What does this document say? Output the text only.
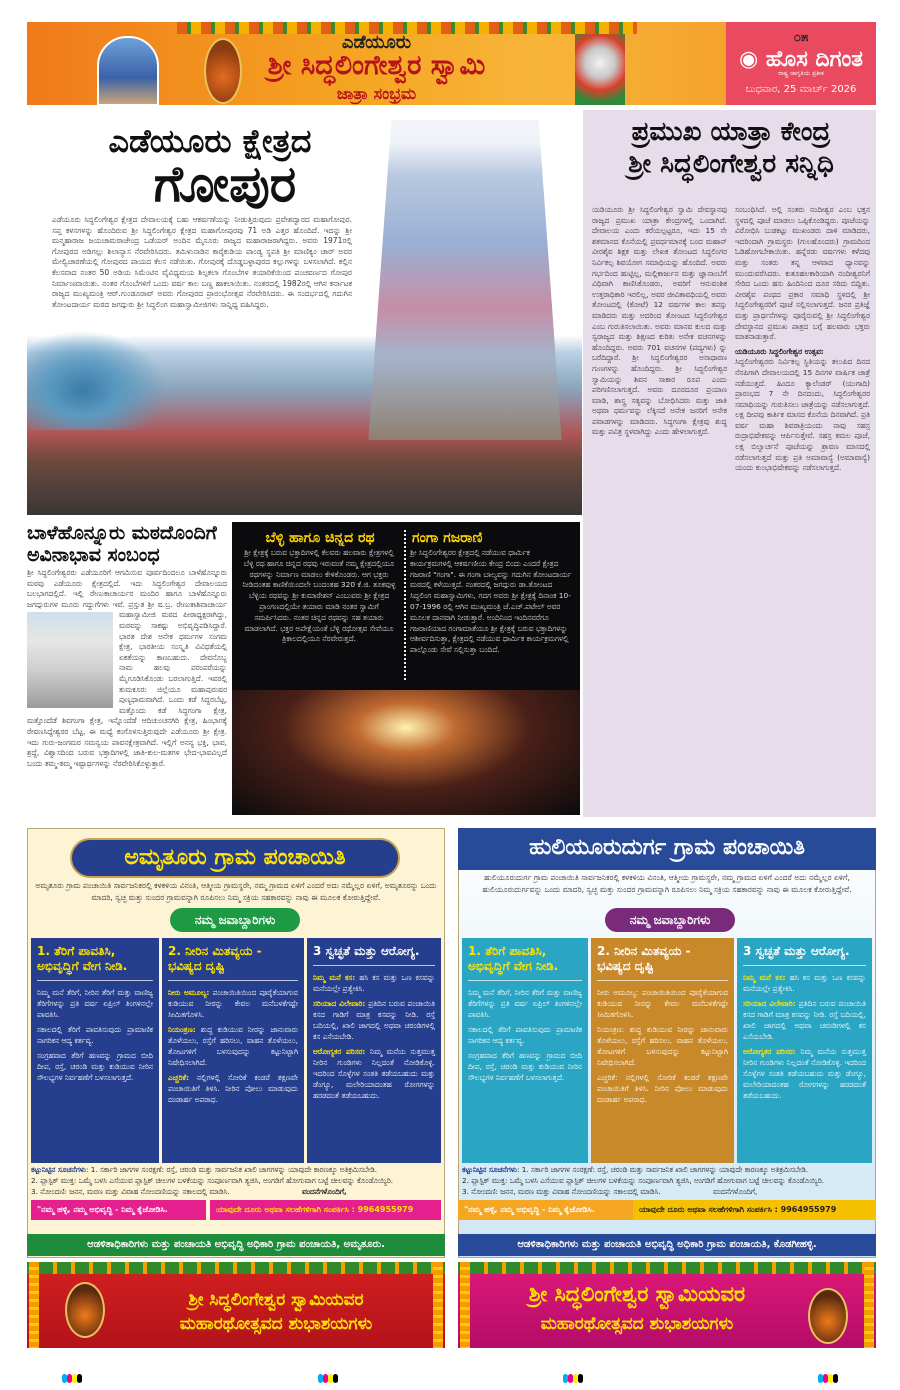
ಎಡೆಯೂರು
ಶ್ರೀ ಸಿದ್ಧಲಿಂಗೇಶ್ವರ ಸ್ವಾಮಿ
ಜಾತ್ರಾ ಸಂಭ್ರಮ
೦೫
◉ ಹೊಸ ದಿಗಂತ
ರಾಷ್ಟ್ರ ಜಾಗೃತಿಯ ಪ್ರತೀಕ
ಬುಧವಾರ, 25 ಮಾರ್ಚ್ 2026
ಎಡೆಯೂರು ಕ್ಷೇತ್ರದ
ಗೋಪುರ
ಎಡೆಯೂರು ಸಿದ್ಧಲಿಂಗೇಶ್ವರ ಕ್ಷೇತ್ರದ ದೇವಾಲಯಕ್ಕೆ ಬಹು ಆಕರ್ಷಣೆಯನ್ನು ನೀಡುತ್ತಿರುವುದು ಪ್ರವೇಶದ್ವಾರದ ಮಹಾಗೋಪುರ. ಸಪ್ತ ಕಳಸಗಳನ್ನು ಹೊಂದಿರುವ ಶ್ರೀ ಸಿದ್ಧಲಿಂಗೇಶ್ವರ ಕ್ಷೇತ್ರದ ಮಹಾಗೋಪುರವು 71 ಅಡಿ ಎತ್ತರ ಹೊಂದಿದೆ. ಇದನ್ನು ಶ್ರೀ ಮನ್ಮಹಾರಾಜ ಜಯಚಾಮರಾಜೇಂದ್ರ ಒಡೆಯರ್ ಅಂದಿನ ಮೈಸೂರು ರಾಜ್ಯದ ಮಹಾರಾಜರಾಗಿದ್ದರು. ಅವರು 1971ರಲ್ಲಿ ಗೋಪುರದ ಅಡಿಗಲ್ಲು ಶಿಲಾನ್ಯಾಸ ನೆರವೇರಿಸಿದರು. ತಮಿಳುನಾಡಿನ ಕಾರೈಕುಡಿಯ ಪಾಂಡ್ಯ ಸ್ಥಪತಿ ಶ್ರೀ ಮಾಣಿಕ್ಯಂ ಚಾರ್ ಅವರ ಮೇಲ್ವಿಚಾರಣೆಯಲ್ಲಿ ಗೋಪುರದ ಪಾಯದ ಕೆಲಸ ನಡೆಯಿತು. ಗೋಪುರಕ್ಕೆ ದೊಡ್ಡಬಳ್ಳಾಪುರದ ಕಲ್ಲುಗಳನ್ನು ಬಳಸಲಾಗಿದೆ. ಕಲ್ಲಿನ ಕೆಲಸವಾದ ನಂತರ 50 ಅಡಿಯ ಸಿಮೆಂಟಿನ ವೈವಿಧ್ಯಮಯ ಶಿಲ್ಪಕಲಾ ಗೊಂಬೆಗಳ ತಯಾರಿಕೆಯಿಂದ ಪಂಚವರ್ಣದ ಗೋಪುರ ನಿರ್ಮಾಣವಾಯಿತು. ನಂತರ ಗೊಂಬೆಗಳಿಗೆ ಒಂದು ವರ್ಷ ಕಾಲ ಬಣ್ಣ ಹಾಕಲಾಯಿತು. ನಂತರದಲ್ಲಿ 1982ರಲ್ಲಿ ಆಗಿನ ಕರ್ನಾಟಕ ರಾಜ್ಯದ ಮುಖ್ಯಮಂತ್ರಿ ಆರ್.ಗುಂಡೂರಾವ್ ಅವರು ಗೋಪುರದ ಪ್ರಾರಂಭೋತ್ಸವ ನೆರವೇರಿಸಿದರು. ಈ ಸಂದರ್ಭದಲ್ಲಿ ಗದುಗಿನ ತೋಂಟದಾರ್ಯ ಮಠದ ಜಗದ್ಗುರು ಶ್ರೀ ಸಿದ್ಧಲಿಂಗ ಮಹಾಸ್ವಾಮೀಜಿಗಳು ಸಾನ್ನಿಧ್ಯ ವಹಿಸಿದ್ದರು.
ಪ್ರಮುಖ ಯಾತ್ರಾ ಕೇಂದ್ರ
ಶ್ರೀ ಸಿದ್ಧಲಿಂಗೇಶ್ವರ ಸನ್ನಿಧಿ
ಯಡಿಯೂರು ಶ್ರೀ ಸಿದ್ಧಲಿಂಗೇಶ್ವರ ಸ್ವಾಮಿ ದೇವಸ್ಥಾನವು ರಾಜ್ಯದ ಪ್ರಮುಖ ಯಾತ್ರಾ ಕೇಂದ್ರಗಳಲ್ಲಿ ಒಂದಾಗಿದೆ. ದೇವಾಲಯ ಎಂದು ಕರೆಯಲ್ಪಟ್ಟರೂ, ಇದು 15 ನೇ ಶತಮಾನದ ಕೊನೆಯಲ್ಲಿ ಪ್ರವರ್ಧಮಾನಕ್ಕೆ ಬಂದ ಮಹಾನ್ ವೀರಶೈವ ಶಿಕ್ಷಕ ಮತ್ತು ಲೇಖಕ ತೋಂಟದ ಸಿದ್ಧಲಿಂಗರ ನಿರ್ವಿಕಲ್ಪ ಶಿವಯೋಗ ಸಮಾಧಿಯನ್ನು ಹೊಂದಿದೆ. ಅವರು ಗರ್ಭದಿಂದ ಹುಟ್ಟಿಲ್ಲ, ಮಲ್ಲಿಕಾರ್ಜುನ ಮತ್ತು ಜ್ಞಾನಾಂಬೆಗೆ ವಿಧಿವಾಗಿ ಕಾಣಿಸಿಕೊಂಡರು, ಅವರಿಗೆ ಆನುವಂಶಿಕ ಉತ್ತರಾಧಿಕಾರಿ ಇರಲಿಲ್ಲ, ಅವರ ಜೀವಿತಾವಧಿಯಲ್ಲಿ ಅವರು ತೋಂಟದಲ್ಲಿ (ಕೋಟೆ) 12 ವರ್ಷಗಳ ಕಾಲ ತಪಸ್ಸು ಮಾಡಿದರು ಮತ್ತು ಅದರಿಂದ ತೋಂಟದ ಸಿದ್ಧಲಿಂಗೇಶ್ವರ ಎಂಬ ಗುರುತಿಸಲಾಯಿತು. ಅವರು ಮಾನವ ಕುಲದ ಮತ್ತು ಸ್ವರಾಜ್ಯದ ಮತ್ತು ಶಿಕ್ಷಣದ ಕುರಿತು ಅನೇಕ ವಚನಗಳನ್ನು ಹೊಂದಿದ್ದರು. ಅವರು 701 ವಚನಗಳ (ಪದ್ಯಗಳು) ನ್ನು ಬರೆದಿದ್ದಾರೆ. ಶ್ರೀ ಸಿದ್ಧಲಿಂಗೇಶ್ವರರ ಅಸಾಧಾರಣ ಗುಣಗಳನ್ನು ಹೊಂದಿದ್ದರು. ಶ್ರೀ ಸಿದ್ಧಲಿಂಗೇಶ್ವರ ಸ್ವಾಮಿಯನ್ನು ಶಿವನ ಸಾಕಾರ ರೂಪ ಎಂದು ಪರಿಗಣಿಸಲಾಗುತ್ತದೆ. ಅವರು ದೂರದೂರ ಪ್ರಯಾಣ ಮಾಡಿ, ಶಾಸ್ತ್ರ ಸತ್ಯವನ್ನು ಬೋಧಿಸಿದರು ಮತ್ತು ಜಾತಿ ಅಥವಾ ಧರ್ಮವನ್ನು ಲೆಕ್ಕಿಸದೆ ಅನೇಕ ಜನರಿಗೆ ಅನೇಕ ಪವಾಡಗಳನ್ನು ಮಾಡಿದರು. ಸಿದ್ಧಗಂಗಾ ಕ್ಷೇತ್ರವು ಶುದ್ಧ ಮತ್ತು ಪವಿತ್ರ ಸ್ಥಳವಾಗಿದ್ದು ಎಂದು ಹೇಳಲಾಗುತ್ತದೆ.
ಸಂಬಂಧಿಸಿದೆ. ಅಲ್ಲಿ ಸಂತರು ನಂದೀಶ್ವರ ಎಂಬ ಭಕ್ತನ ಸ್ಥಳದಲ್ಲಿ ಪೂಜೆ ಮಾಡಲು ಒಪ್ಪಿಕೊಂಡಿದ್ದರು. ಪೂಜೆಯನ್ನು ವಿರೋಧಿಸಿ ಬುಡಕಟ್ಟು ಮುಖಂಡರು ದಾಳಿ ಮಾಡಿದರು, ಇದರಿಂದಾಗಿ ಗ್ರಾಮಸ್ಥರು (ಗುಲಹೊಂದರು) ಗ್ರಾಮದಿಂದ ಓಡಿಹೋಗಬೇಕಾಯಿತು. ಹನ್ನೆರಡು ವರ್ಷಗಳು ಕಳೆದವು ಮತ್ತು ಸಂತರು ತನ್ನ ಆಳವಾದ ಧ್ಯಾನವನ್ನು ಮುಂದುವರೆಸಿದರು. ಕುತೂಹಲಕಾರಿಯಾಗಿ ನಂದೀಶ್ವರನಿಗೆ ಸೇರಿದ ಒಂದು ಹಸು ಹಿಂದಿನಿಂದ ದೂರ ಸರಿದು ಬಿದ್ದಿತು. ವೀರಶೈವ ಪಂಥದ ಪ್ರಕಾರ ಸಮಾಧಿ ಸ್ಥಳದಲ್ಲಿ ಶ್ರೀ ಸಿದ್ಧಲಿಂಗೇಶ್ವರರಿಗೆ ಪೂಜೆ ಸಲ್ಲಿಸಲಾಗುತ್ತದೆ. ಜನರ ಪ್ರತಿಜ್ಞೆ ಮತ್ತು ಪ್ರಾರ್ಥನೆಗಳನ್ನು ಪೂರೈಸುವಲ್ಲಿ ಶ್ರೀ ಸಿದ್ಧಲಿಂಗೇಶ್ವರ ದೇವಸ್ಥಾನದ ಪ್ರಮುಖ ಪಾತ್ರದ ಬಗ್ಗೆ ಹಲವಾರು ಭಕ್ತರು ಮಾತನಾಡುತ್ತಾರೆ.
ಯಡಿಯೂರು ಸಿದ್ಧಲಿಂಗೇಶ್ವರ ಉತ್ಸವ:
ಸಿದ್ಧಲಿಂಗೇಶ್ವರರು ನಿರ್ವಿಕಲ್ಪ ಸ್ಥಿತಿಯನ್ನು ತಲುಪಿದ ದಿನದ ನೆನಪಿಗಾಗಿ ದೇವಾಲಯದಲ್ಲಿ 15 ದಿನಗಳ ವಾರ್ಷಿಕ ಜಾತ್ರೆ ನಡೆಯುತ್ತದೆ. ಹಿಂದೂ ಕ್ಯಾಲೆಂಡರ್ (ಯುಗಾದಿ) ಪ್ರಾರಂಭದ 7 ನೇ ದಿನದಂದು, ಸಿದ್ಧಲಿಂಗೇಶ್ವರರ ಸಮಾಧಿಯನ್ನು ಗುರುತಿಸಲು ಜಾತ್ರೆಯನ್ನು ನಡೆಸಲಾಗುತ್ತದೆ. ಲಕ್ಷ ದೀಪವು ಕಾರ್ತಿಕ ಮಾಸದ ಕೊನೆಯ ದಿನವಾಗಿದೆ. ಪ್ರತಿ ವರ್ಷ ಮಹಾ ಶಿವರಾತ್ರಿಯಂದು ನಾವು ಸಹಸ್ರ ರುದ್ರಾಭಿಷೇಕವನ್ನು ಆರ್ಪಿಸುತ್ತೇವೆ. ಸಹಸ್ರ ಕಮಲ ಪೂಜೆ, ಲಕ್ಷ ಬಿಲ್ವಾರ್ಚನೆ ಪೂಜೆಯನ್ನು ಶ್ರಾವಣ ಮಾಸದಲ್ಲಿ ನಡೆಸಲಾಗುತ್ತದೆ ಮತ್ತು ಪ್ರತಿ ಅಮಾವಾಸ್ಯೆ (ಅಮಾವಾಸ್ಯೆ) ಯಂದು ಕುಂಭಾಭಿಷೇಕವನ್ನು ನಡೆಸಲಾಗುತ್ತದೆ.
ಬಾಳೆಹೊನ್ನೂರು ಮಠದೊಂದಿಗೆ
ಅವಿನಾಭಾವ ಸಂಬಂಧ
ಶ್ರೀ ಸಿದ್ಧಲಿಂಗೇಶ್ವರರು ಎಡೆಯೂರಿಗೆ ಆಗಮಿಸುವ ಪೂರ್ವದಿಂದಲೂ ಬಾಳೆಹೊನ್ನೂರು ಮಠವು ಎಡೆಯೂರು ಕ್ಷೇತ್ರದಲ್ಲಿದೆ. ಇದು ಸಿದ್ಧಲಿಂಗೇಶ್ವರ ದೇವಾಲಯದ ಬಲಭಾಗದಲ್ಲಿದೆ. ಇಲ್ಲಿ ರೇಣುಕಾಚಾರ್ಯರ ಮಂದಿರ ಹಾಗೂ ಬಾಳೆಹೊನ್ನೂರು ಜಗದ್ಗುರುಗಳ ಮೂರು ಗದ್ದುಗೆಗಳು ಇವೆ. ಪ್ರಸ್ತುತ ಶ್ರೀ ಷ.ಬ್ರ. ರೇಣುಕಾಶಿವಾಚಾರ್ಯ ಮಹಾಸ್ವಾಮೀಜಿ ಮಠದ ಪೀಠಾಧ್ಯಕ್ಷರಾಗಿದ್ದು, ಮಠವನ್ನು ಸಾಕಷ್ಟು ಅಭಿವೃದ್ಧಿಪಡಿಸಿದ್ದಾರೆ. ಭಾರತ ದೇಶ ಅನೇಕ ಧರ್ಮಗಳ ಸಂಗಮ ಕ್ಷೇತ್ರ, ಭಾರತೀಯ ಸಂಸ್ಕೃತಿ ವಿವಿಧತೆಯಲ್ಲಿ ಏಕತೆಯನ್ನು ಕಾಣಬಹುದು. ದೇವನೊಬ್ಬ ನಾಮ ಹಲವು ಪರಂಪರೆಯನ್ನು ಮೈಗೂಡಿಸಿಕೊಂಡು ಬರಲಾಗುತ್ತಿದೆ. ಇವರಲ್ಲಿ ತುಮಕೂರು ಜಿಲ್ಲೆಯೂ ಮಹಾಪುರುಷರ ಪುಣ್ಯಧಾಮವಾಗಿದೆ. ಒಂದು ಕಡೆ ಸಿದ್ಧರಬೆಟ್ಟ, ಮತ್ತೊಂದು ಕಡೆ ಸಿದ್ಧಗಂಗಾ ಕ್ಷೇತ್ರ, ಮತ್ತೊಂದೆಡೆ ಶಿವಗಂಗಾ ಕ್ಷೇತ್ರ, ಇನ್ನೊಂದೆಡೆ ಆದಿಚುಂಚನಗಿರಿ ಕ್ಷೇತ್ರ, ಹಿಂಭಾಗಕ್ಕೆ ರೇವಣಸಿದ್ದೇಶ್ವರರ ಬೆಟ್ಟ, ಈ ಮಧ್ಯೆ ಕಂಗೊಳಿಸುತ್ತಿರುವುದೇ ಎಡೆಯೂರು ಶ್ರೀ ಕ್ಷೇತ್ರ. ಇದು ಗುರು-ಜಂಗಮರ ಸಮನ್ವಯ ಪಾವನಕ್ಷೇತ್ರವಾಗಿದೆ. ಇಲ್ಲಿಗೆ ಅನನ್ಯ ಭಕ್ತಿ, ಭಾವ, ಶ್ರದ್ಧೆ, ವಿಶ್ವಾಸದಿಂದ ಬರುವ ಭಕ್ತಾದಿಗಳಲ್ಲಿ ಜಾತಿ-ಕುಲ-ಮತಗಳ ಭೇದ-ಭಾವವಿಲ್ಲದೆ ಬಂದು ತಮ್ಮ-ತಮ್ಮ ಇಷ್ಟಾರ್ಥಗಳನ್ನು ನೆರವೇರಿಸಿಕೊಳ್ಳುತ್ತಾರೆ.
ಬೆಳ್ಳಿ ಹಾಗೂ ಚಿನ್ನದ ರಥ
ಶ್ರೀ ಕ್ಷೇತ್ರಕ್ಕೆ ಬರುವ ಭಕ್ತಾದಿಗಳಲ್ಲಿ ಕೆಲವರು ಹಲವಾರು ಕ್ಷೇತ್ರಗಳಲ್ಲಿ ಬೆಳ್ಳಿ ರಥ ಹಾಗೂ ಚಿನ್ನದ ರಥವು ಇರುವಂತೆ ನಮ್ಮ ಕ್ಷೇತ್ರದಲ್ಲಿಯೂ ರಥಗಳನ್ನು ನಿರ್ಮಾಣ ಮಾಡಲು ಕೇಳಿಕೊಂಡರು. ಆಗ ಭಕ್ತರು ನೀಡಿದಂತಹ ಕಾಣಿಕೆಯಿಂದಲೇ ಬಂದಂತಹ 320 ಕೆ.ಜಿ. ತೂಕವುಳ್ಳ ಬೆಳ್ಳಿಯ ರಥವನ್ನು ಶ್ರೀ ಕುಮಾರೇಶನ್ ಎಂಬುವರು ಶ್ರೀ ಕ್ಷೇತ್ರದ ಪ್ರಾಂಗಣದಲ್ಲಿಯೇ ತಯಾರು ಮಾಡಿ ನಂತರ ಸ್ವಾಮಿಗೆ ಸಮರ್ಪಿಸಿದರು. ನಂತರ ಚಿನ್ನದ ರಥವನ್ನು ಸಹ ತಯಾರು ಮಾಡಲಾಗಿದೆ. ಭಕ್ತರ ಅಪೇಕ್ಷೆಯಂತೆ ಬೆಳ್ಳಿ ರಥೋತ್ಸವ ಸೇವೆಯೂ ತ್ರಿಕಾಲದಲ್ಲಿಯೂ ನೆರವೇರುತ್ತದೆ.
ಗಂಗಾ ಗಜರಾಣಿ
ಶ್ರೀ ಸಿದ್ಧಲಿಂಗೇಶ್ವರರ ಕ್ಷೇತ್ರದಲ್ಲಿ ನಡೆಯುವ ಧಾರ್ಮಿಕ ಕಾರ್ಯಕ್ರಮಗಳಲ್ಲಿ ಆಕರ್ಷಣೀಯ ಕೇಂದ್ರ ಬಿಂದು ಎಂದರೆ ಕ್ಷೇತ್ರದ ಗಜರಾಣಿ "ಗಂಗಾ". ಈ ಗಂಗಾ ಬಾಲ್ಯವನ್ನು ಗದುಗಿನ ತೋಂಟದಾರ್ಯ ಮಠದಲ್ಲಿ ಕಳೆಯುತ್ತದೆ. ನಂತರದಲ್ಲಿ ಜಗದ್ಗುರು ಡಾ.ತೋಂಟದ ಸಿದ್ಧಲಿಂಗ ಮಹಾಸ್ವಾಮಿಗಳು, ಗದಗ ಅವರು ಶ್ರೀ ಕ್ಷೇತ್ರಕ್ಕೆ ದಿನಾಂಕ 10-07-1996 ರಲ್ಲಿ ಆಗಿನ ಮುಖ್ಯಮಂತ್ರಿ ಜೆ.ಎಚ್.ಪಟೇಲ್ ಅವರ ಮೂಲಕ ದಾನವಾಗಿ ನೀಡುತ್ತಾರೆ. ಅಂದಿನಿಂದ ಇಂದಿನವರೆಗೂ ಗಜರಾಣಿಯಾದ ಗಂಗಾಮಾತೆಯೂ ಶ್ರೀ ಕ್ಷೇತ್ರಕ್ಕೆ ಬರುವ ಭಕ್ತಾದಿಗಳನ್ನು ಆಶೀರ್ವದಿಸುತ್ತಾ, ಕ್ಷೇತ್ರದಲ್ಲಿ ನಡೆಯುವ ಧಾರ್ಮಿಕ ಕಾರ್ಯಕ್ರಮಗಳಲ್ಲಿ ಪಾಲ್ಗೊಂಡು ಸೇವೆ ಸಲ್ಲಿಸುತ್ತಾ ಬಂದಿದೆ.
ಅಮೃತೂರು ಗ್ರಾಮ ಪಂಚಾಯಿತಿ
ಅಮೃತೂರು ಗ್ರಾಮ ಪಂಚಾಯಿತಿ ಸಾರ್ವಜನಿಕರಲ್ಲಿ ಕಳಕಳಿಯ ವಿನಂತಿ, ಆತ್ಮೀಯ ಗ್ರಾಮಸ್ಥರೇ, ನಮ್ಮ ಗ್ರಾಮದ ಏಳಿಗೆ ಎಂದರೆ ಅದು ನಮ್ಮೆಲ್ಲರ ಏಳಿಗೆ, ಅಮೃತೂರನ್ನು ಒಂದು ಮಾದರಿ, ಸ್ವಚ್ಛ ಮತ್ತು ಸುಂದರ ಗ್ರಾಮವನ್ನಾಗಿ ರೂಪಿಸಲು ನಿಮ್ಮ ಸಕ್ರಿಯ ಸಹಕಾರವನ್ನು ನಾವು ಈ ಮೂಲಕ ಕೋರುತ್ತಿದ್ದೇವೆ.
ನಮ್ಮ ಜವಾಬ್ದಾರಿಗಳು
1. ತೆರಿಗೆ ಪಾವತಿಸಿ, ಅಭಿವೃದ್ಧಿಗೆ ವೇಗ ನೀಡಿ.

ನಿಮ್ಮ ಮನೆ ತೆರಿಗೆ, ನೀರಿನ ತೆರಿಗೆ ಮತ್ತು ವಾಣಿಜ್ಯ ತೆರಿಗೆಗಳನ್ನು ಪ್ರತಿ ವರ್ಷ ಏಪ್ರಿಲ್ ತಿಂಗಳಿನಲ್ಲೇ ಪಾವತಿಸಿ.

ಸಕಾಲದಲ್ಲಿ ತೆರಿಗೆ ಪಾವತಿಸುವುದು ಪ್ರಾಮಾಣಿಕ ನಾಗರಿಕನ ಆದ್ಯ ಕರ್ತವ್ಯ.

ಸಂಗ್ರಹವಾದ ತೆರಿಗೆ ಹಣವನ್ನು ಗ್ರಾಮದ ಬೀದಿ ದೀಪ, ರಸ್ತೆ, ಚರಂಡಿ ಮತ್ತು ಕುಡಿಯುವ ನೀರಿನ ಸೌಲಭ್ಯಗಳ ನಿರ್ವಹಣೆಗೆ ಬಳಸಲಾಗುತ್ತದೆ.

2. ನೀರಿನ ಮಿತವ್ಯಯ - ಭವಿಷ್ಯದ ದೃಷ್ಟಿ

ನೀರು ಅಮೂಲ್ಯ: ಪಂಚಾಯಿತಿಯಿಂದ ಪೂರೈಕೆಯಾಗುವ ಕುಡಿಯುವ ನೀರನ್ನು ಕೇವಲ ಮನೆಬಳಕೆಗಷ್ಟೇ ಸೀಮಿತಗೊಳಿಸಿ.

ನಿಯಂತ್ರಣ: ಶುದ್ಧ ಕುಡಿಯುವ ನೀರನ್ನು ಜಾನುವಾರು ತೊಳೆಯಲು, ರಸ್ತೆಗೆ ಹರಿಸಲು, ವಾಹನ ತೊಳೆಯಲು, ತೋಟಗಳಿಗೆ ಬಳಸುವುದನ್ನು ಕಟ್ಟುನಿಟ್ಟಾಗಿ ನಿಷೇಧಿಸಲಾಗಿದೆ.

ಎಚ್ಚರಿಕೆ: ನಲ್ಲಿಗಳಲ್ಲಿ ಸೋರಿಕೆ ಕಂಡರೆ ತಕ್ಷಣವೇ ಪಂಚಾಯಿತಿಗೆ ತಿಳಿಸಿ. ನೀರಿನ ಪೋಲು ಮಾಡುವುದು ದಂಡಾರ್ಹ ಅಪರಾಧ.

3 ಸ್ವಚ್ಛತೆ ಮತ್ತು ಆರೋಗ್ಯ.

ನಿಮ್ಮ ಮನೆ ಕಸ: ಹಸಿ ಕಸ ಮತ್ತು ಒಣ ಕಸವನ್ನು ಮನೆಯಲ್ಲೇ ಪ್ರತ್ಯೇಕಿಸಿ.

ಸರಿಯಾದ ವಿಲೇವಾರಿ: ಪ್ರತಿದಿನ ಬರುವ ಪಂಚಾಯಿತಿ ಕಸದ ಗಾಡಿಗೆ ಮಾತ್ರ ಕಸವನ್ನು ನೀಡಿ. ರಸ್ತೆ ಬದಿಯಲ್ಲಿ, ಖಾಲಿ ಜಾಗದಲ್ಲಿ ಅಥವಾ ಚರಂಡಿಗಳಲ್ಲಿ ಕಸ ಎಸೆಯಬೇಡಿ.

ಆರೋಗ್ಯಕರ ಪರಿಸರ: ನಿಮ್ಮ ಮನೆಯ ಸುತ್ತಮುತ್ತ ನೀರಿನ ಗುಂಡಿಗಳು ನಿಲ್ಲದಂತೆ ನೋಡಿಕೊಳ್ಳಿ. ಇದರಿಂದ ಸೊಳ್ಳೆಗಳ ಸಂತತಿ ತಡೆಯಬಹುದು ಮತ್ತು ಡೆಂಗ್ಯೂ, ಮಲೇರಿಯಾದಂತಹ ರೋಗಗಳನ್ನು ಹರಡದಂತೆ ತಡೆಯಬಹುದು.

ಕಟ್ಟುನಿಟ್ಟಿನ ಸೂಚನೆಗಳು: 1. ಸರ್ಕಾರಿ ಜಾಗಗಳ ಸಂರಕ್ಷಣೆ: ರಸ್ತೆ, ಚರಂಡಿ ಮತ್ತು ಸಾರ್ವಜನಿಕ ಖಾಲಿ ಜಾಗಗಳನ್ನು ಯಾವುದೇ ಕಾರಣಕ್ಕೂ ಅತಿಕ್ರಮಿಸಬೇಡಿ.
2. ಪ್ಲಾಸ್ಟಿಕ್ ಮುಕ್ತ: ಒಮ್ಮೆ ಬಳಸಿ ಎಸೆಯುವ ಪ್ಲಾಸ್ಟಿಕ್ ಚೀಲಗಳ ಬಳಕೆಯನ್ನು ಸಂಪೂರ್ಣವಾಗಿ ತ್ಯಜಿಸಿ, ಅಂಗಡಿಗೆ ಹೋಗುವಾಗ ಬಟ್ಟೆ ಚೀಲವನ್ನು ಕೊಂಡೊಯ್ಯಿರಿ.
3. ನೋಂದಣಿ: ಜನನ, ಮರಣ ಮತ್ತು ವಿವಾಹ ನೋಂದಣಿಯನ್ನು ಸಕಾಲದಲ್ಲಿ ಮಾಡಿಸಿ.	ವಂದನೆಗಳೊಂದಿಗೆ,
"ನಮ್ಮ ಹಳ್ಳಿ, ನಮ್ಮ ಅಭಿವೃದ್ಧಿ - ನಿಮ್ಮ ಕೈಜೋಡಿಸಿ.	ಯಾವುದೇ ದೂರು ಅಥವಾ ಸಲಹೆಗಳಿಗಾಗಿ ಸಂಪರ್ಕಿಸಿ : 9964955979
ಆಡಳಿತಾಧಿಕಾರಿಗಳು ಮತ್ತು ಪಂಚಾಯತಿ ಅಭಿವೃದ್ಧಿ ಅಧಿಕಾರಿ ಗ್ರಾಮ ಪಂಚಾಯತಿ, ಅಮೃತೂರು.
ಹುಲಿಯೂರುದುರ್ಗ ಗ್ರಾಮ ಪಂಚಾಯಿತಿ
ಹುಲಿಯೂರುದುರ್ಗ ಗ್ರಾಮ ಪಂಚಾಯಿತಿ ಸಾರ್ವಜನಿಕರಲ್ಲಿ ಕಳಕಳಿಯ ವಿನಂತಿ, ಆತ್ಮೀಯ ಗ್ರಾಮಸ್ಥರೇ, ನಮ್ಮ ಗ್ರಾಮದ ಏಳಿಗೆ ಎಂದರೆ ಅದು ನಮ್ಮೆಲ್ಲರ ಏಳಿಗೆ, ಹುಲಿಯೂರುದುರ್ಗವನ್ನು ಒಂದು ಮಾದರಿ, ಸ್ವಚ್ಛ ಮತ್ತು ಸುಂದರ ಗ್ರಾಮವನ್ನಾಗಿ ರೂಪಿಸಲು ನಿಮ್ಮ ಸಕ್ರಿಯ ಸಹಕಾರವನ್ನು ನಾವು ಈ ಮೂಲಕ ಕೋರುತ್ತಿದ್ದೇವೆ.
ನಮ್ಮ ಜವಾಬ್ದಾರಿಗಳು
1. ತೆರಿಗೆ ಪಾವತಿಸಿ, ಅಭಿವೃದ್ಧಿಗೆ ವೇಗ ನೀಡಿ.

ನಿಮ್ಮ ಮನೆ ತೆರಿಗೆ, ನೀರಿನ ತೆರಿಗೆ ಮತ್ತು ವಾಣಿಜ್ಯ ತೆರಿಗೆಗಳನ್ನು ಪ್ರತಿ ವರ್ಷ ಏಪ್ರಿಲ್ ತಿಂಗಳಿನಲ್ಲೇ ಪಾವತಿಸಿ.

ಸಕಾಲದಲ್ಲಿ ತೆರಿಗೆ ಪಾವತಿಸುವುದು ಪ್ರಾಮಾಣಿಕ ನಾಗರಿಕನ ಆದ್ಯ ಕರ್ತವ್ಯ.

ಸಂಗ್ರಹವಾದ ತೆರಿಗೆ ಹಣವನ್ನು ಗ್ರಾಮದ ಬೀದಿ ದೀಪ, ರಸ್ತೆ, ಚರಂಡಿ ಮತ್ತು ಕುಡಿಯುವ ನೀರಿನ ಸೌಲಭ್ಯಗಳ ನಿರ್ವಹಣೆಗೆ ಬಳಸಲಾಗುತ್ತದೆ.

2. ನೀರಿನ ಮಿತವ್ಯಯ - ಭವಿಷ್ಯದ ದೃಷ್ಟಿ

ನೀರು ಅಮೂಲ್ಯ: ಪಂಚಾಯಿತಿಯಿಂದ ಪೂರೈಕೆಯಾಗುವ ಕುಡಿಯುವ ನೀರನ್ನು ಕೇವಲ ಮನೆಬಳಕೆಗಷ್ಟೇ ಸೀಮಿತಗೊಳಿಸಿ.

ನಿಯಂತ್ರಣ: ಶುದ್ಧ ಕುಡಿಯುವ ನೀರನ್ನು ಜಾನುವಾರು ತೊಳೆಯಲು, ರಸ್ತೆಗೆ ಹರಿಸಲು, ವಾಹನ ತೊಳೆಯಲು, ತೋಟಗಳಿಗೆ ಬಳಸುವುದನ್ನು ಕಟ್ಟುನಿಟ್ಟಾಗಿ ನಿಷೇಧಿಸಲಾಗಿದೆ.

ಎಚ್ಚರಿಕೆ: ನಲ್ಲಿಗಳಲ್ಲಿ ಸೋರಿಕೆ ಕಂಡರೆ ತಕ್ಷಣವೇ ಪಂಚಾಯಿತಿಗೆ ತಿಳಿಸಿ. ನೀರಿನ ಪೋಲು ಮಾಡುವುದು ದಂಡಾರ್ಹ ಅಪರಾಧ.

3 ಸ್ವಚ್ಛತೆ ಮತ್ತು ಆರೋಗ್ಯ.

ನಿಮ್ಮ ಮನೆ ಕಸ: ಹಸಿ ಕಸ ಮತ್ತು ಒಣ ಕಸವನ್ನು ಮನೆಯಲ್ಲೇ ಪ್ರತ್ಯೇಕಿಸಿ.

ಸರಿಯಾದ ವಿಲೇವಾರಿ: ಪ್ರತಿದಿನ ಬರುವ ಪಂಚಾಯಿತಿ ಕಸದ ಗಾಡಿಗೆ ಮಾತ್ರ ಕಸವನ್ನು ನೀಡಿ. ರಸ್ತೆ ಬದಿಯಲ್ಲಿ, ಖಾಲಿ ಜಾಗದಲ್ಲಿ ಅಥವಾ ಚರಂಡಿಗಳಲ್ಲಿ ಕಸ ಎಸೆಯಬೇಡಿ.

ಆರೋಗ್ಯಕರ ಪರಿಸರ: ನಿಮ್ಮ ಮನೆಯ ಸುತ್ತಮುತ್ತ ನೀರಿನ ಗುಂಡಿಗಳು ನಿಲ್ಲದಂತೆ ನೋಡಿಕೊಳ್ಳಿ. ಇದರಿಂದ ಸೊಳ್ಳೆಗಳ ಸಂತತಿ ತಡೆಯಬಹುದು ಮತ್ತು ಡೆಂಗ್ಯೂ, ಮಲೇರಿಯಾದಂತಹ ರೋಗಗಳನ್ನು ಹರಡದಂತೆ ತಡೆಯಬಹುದು.

ಕಟ್ಟುನಿಟ್ಟಿನ ಸೂಚನೆಗಳು: 1. ಸರ್ಕಾರಿ ಜಾಗಗಳ ಸಂರಕ್ಷಣೆ: ರಸ್ತೆ, ಚರಂಡಿ ಮತ್ತು ಸಾರ್ವಜನಿಕ ಖಾಲಿ ಜಾಗಗಳನ್ನು ಯಾವುದೇ ಕಾರಣಕ್ಕೂ ಅತಿಕ್ರಮಿಸಬೇಡಿ.
2. ಪ್ಲಾಸ್ಟಿಕ್ ಮುಕ್ತ: ಒಮ್ಮೆ ಬಳಸಿ ಎಸೆಯುವ ಪ್ಲಾಸ್ಟಿಕ್ ಚೀಲಗಳ ಬಳಕೆಯನ್ನು ಸಂಪೂರ್ಣವಾಗಿ ತ್ಯಜಿಸಿ, ಅಂಗಡಿಗೆ ಹೋಗುವಾಗ ಬಟ್ಟೆ ಚೀಲವನ್ನು ಕೊಂಡೊಯ್ಯಿರಿ.
3. ನೋಂದಣಿ: ಜನನ, ಮರಣ ಮತ್ತು ವಿವಾಹ ನೋಂದಣಿಯನ್ನು ಸಕಾಲದಲ್ಲಿ ಮಾಡಿಸಿ.	ವಂದನೆಗಳೊಂದಿಗೆ,
"ನಮ್ಮ ಹಳ್ಳಿ, ನಮ್ಮ ಅಭಿವೃದ್ಧಿ - ನಿಮ್ಮ ಕೈಜೋಡಿಸಿ.	ಯಾವುದೇ ದೂರು ಅಥವಾ ಸಲಹೆಗಳಿಗಾಗಿ ಸಂಪರ್ಕಿಸಿ : 9964955979
ಆಡಳಿತಾಧಿಕಾರಿಗಳು ಮತ್ತು ಪಂಚಾಯತಿ ಅಭಿವೃದ್ಧಿ ಅಧಿಕಾರಿ ಗ್ರಾಮ ಪಂಚಾಯತಿ, ಕೊಡಗೀಹಳ್ಳಿ.
ಶ್ರೀ ಸಿದ್ಧಲಿಂಗೇಶ್ವರ ಸ್ವಾಮಿಯವರ
ಮಹಾರಥೋತ್ಸವದ ಶುಭಾಶಯಗಳು
ಶ್ರೀ ಸಿದ್ಧಲಿಂಗೇಶ್ವರ ಸ್ವಾಮಿಯವರ
ಮಹಾರಥೋತ್ಸವದ ಶುಭಾಶಯಗಳು
